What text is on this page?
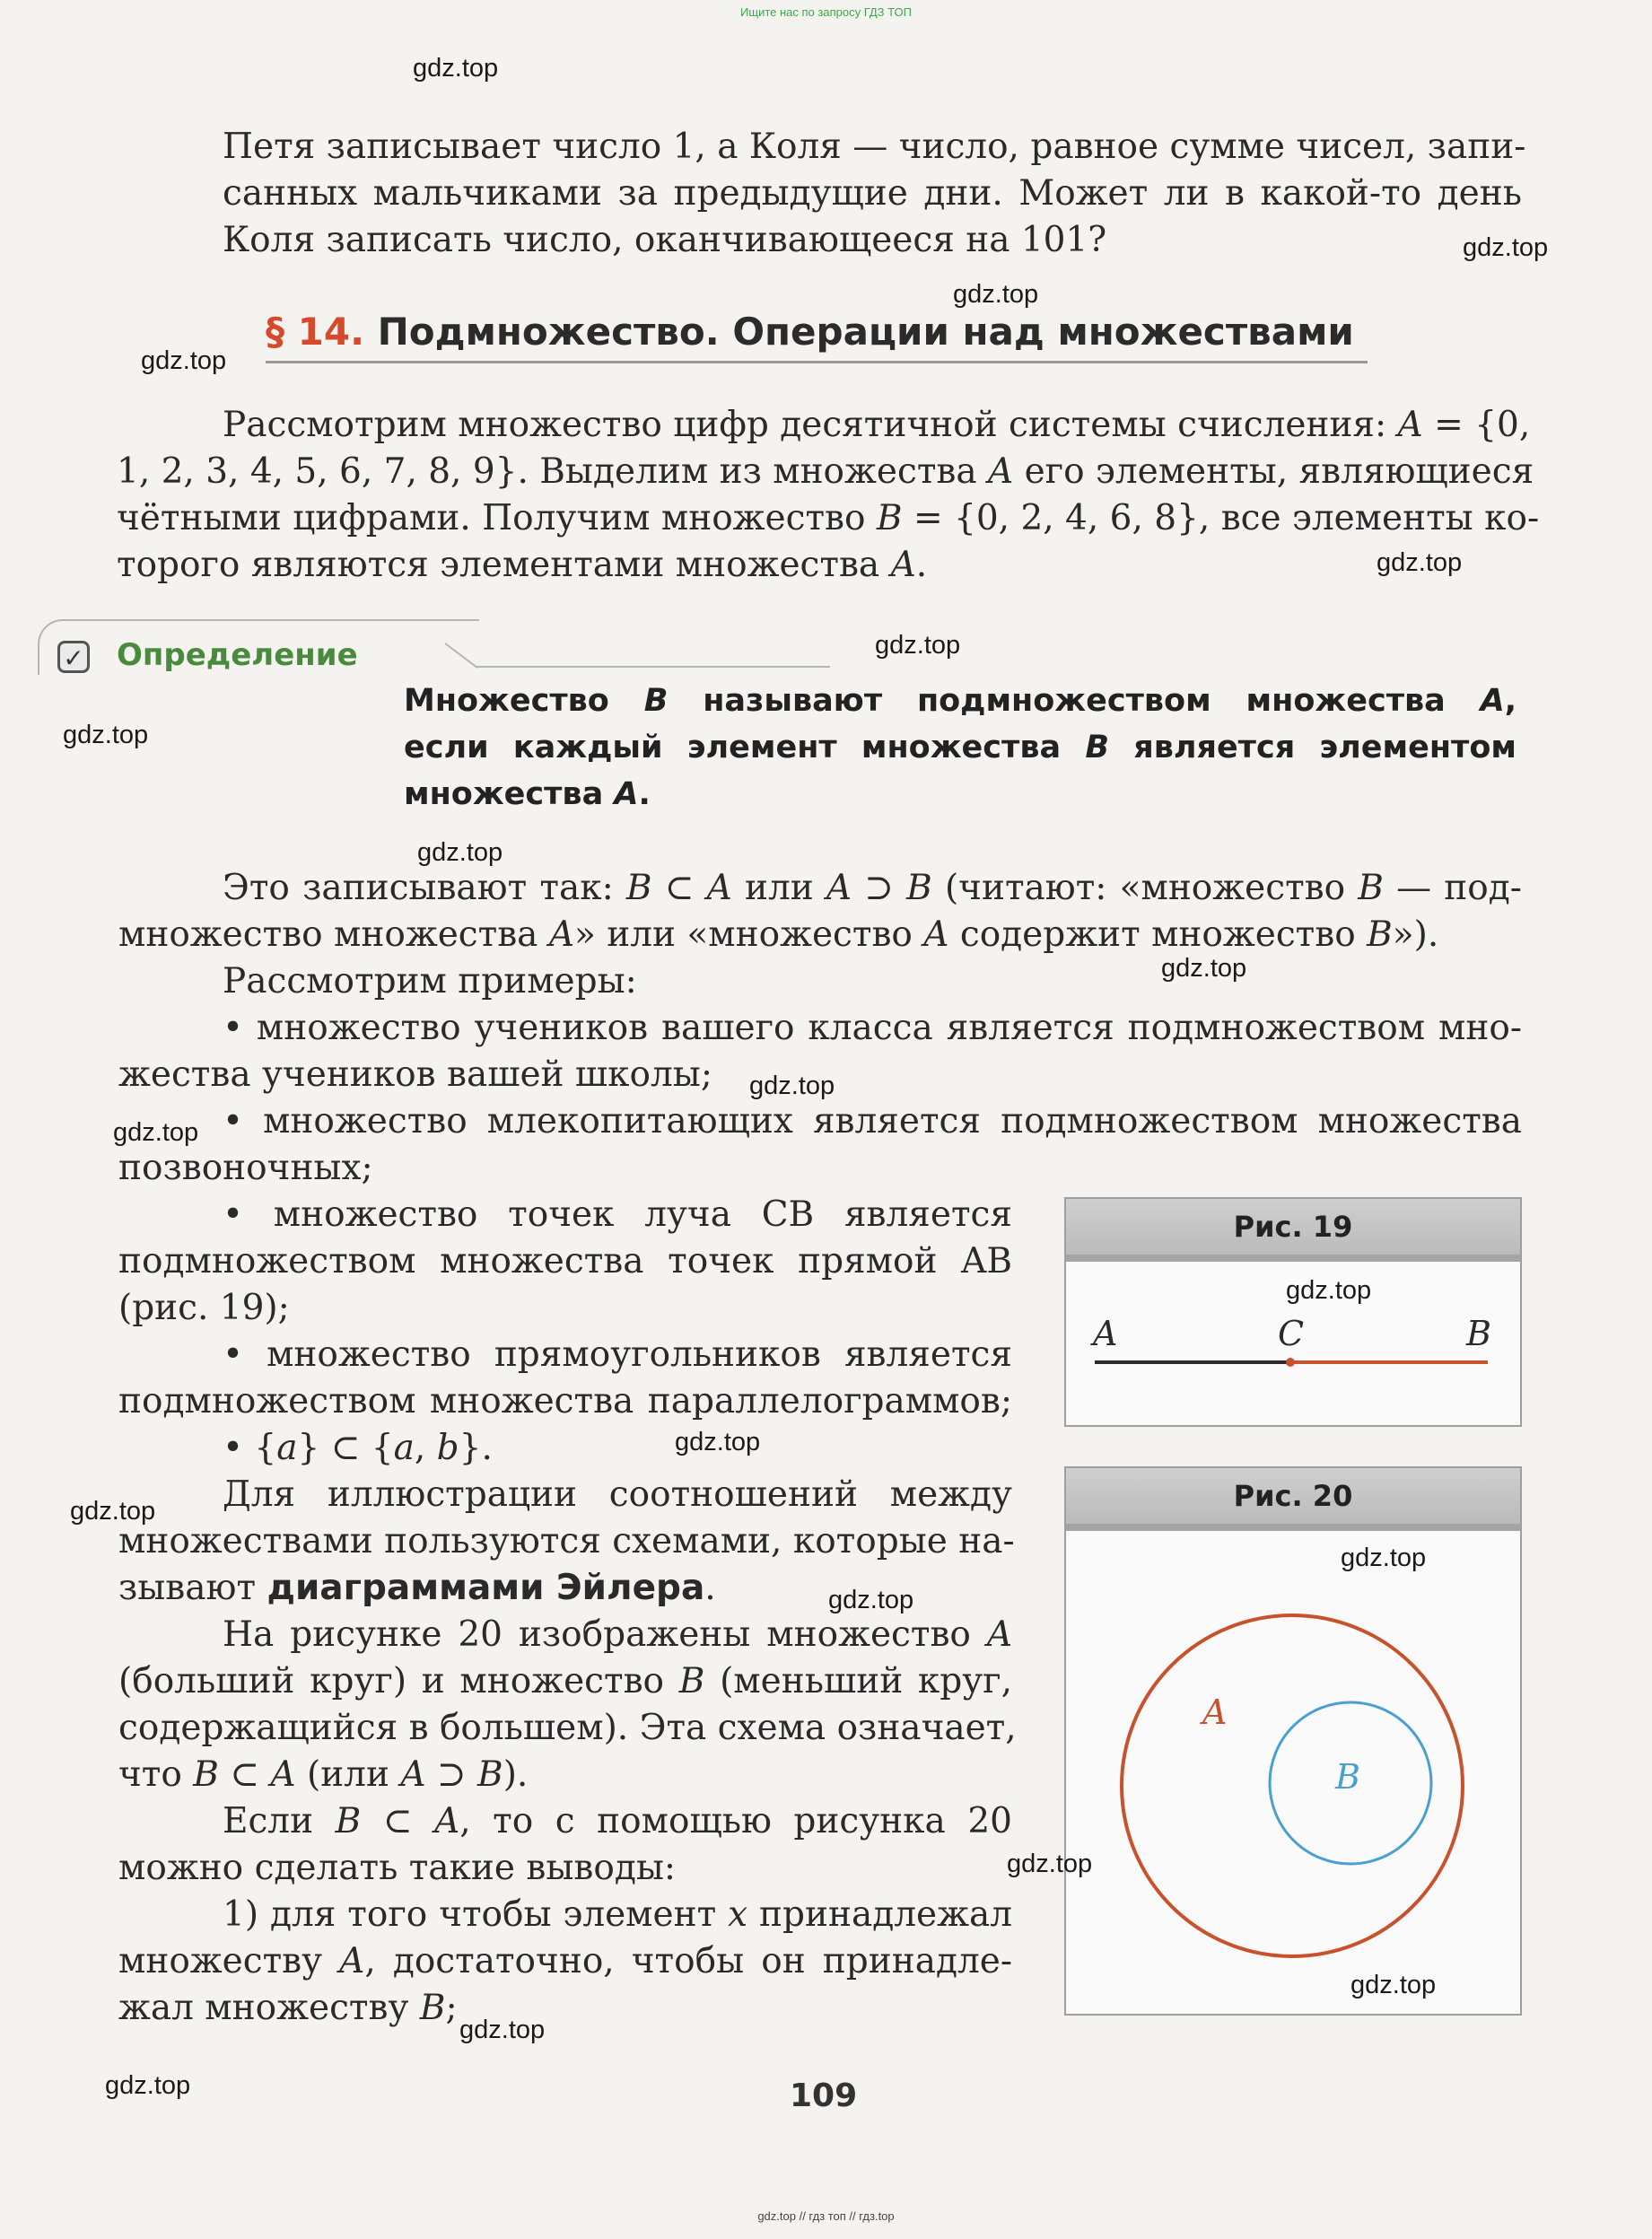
Ищите нас по запросу ГДЗ ТОП
Петя записывает число 1, а Коля — число, равное сумме чисел, запи-
санных мальчиками за предыдущие дни. Может ли в какой-то день
Коля записать число, оканчивающееся на 101?
§ 14. Подмножество. Операции над множествами
Рассмотрим множество цифр десятичной системы счисления: A = {0,
1, 2, 3, 4, 5, 6, 7, 8, 9}. Выделим из множества A его элементы, являющиеся
чётными цифрами. Получим множество B = {0, 2, 4, 6, 8}, все элементы ко-
торого являются элементами множества A.
✓ Определение
Множество B называют подмножеством множества A,
если каждый элемент множества B является элементом
множества A.
Это записывают так: B ⊂ A или A ⊃ B (читают: «множество B — под-
множество множества A» или «множество A содержит множество B»).
Рассмотрим примеры:
• множество учеников вашего класса является подмножеством мно-
жества учеников вашей школы;
• множество млекопитающих является подмножеством множества
позвоночных;
• множество точек луча CB является
подмножеством множества точек прямой AB
(рис. 19);
• множество прямоугольников является
подмножеством множества параллелограммов;
• {a} ⊂ {a, b}.
Для иллюстрации соотношений между
множествами пользуются схемами, которые на-
зывают диаграммами Эйлера.
На рисунке 20 изображены множество A
(больший круг) и множество B (меньший круг,
содержащийся в большем). Эта схема означает,
что B ⊂ A (или A ⊃ B).
Если B ⊂ A, то с помощью рисунка 20
можно сделать такие выводы:
1) для того чтобы элемент x принадлежал
множеству A, достаточно, чтобы он принадле-
жал множеству B;
Рис. 19
A	C	B
Рис. 20
A
B
109
gdz.top
gdz.top
gdz.top
gdz.top
gdz.top
gdz.top
gdz.top
gdz.top
gdz.top
gdz.top
gdz.top
gdz.top
gdz.top
gdz.top
gdz.top
gdz.top
gdz.top
gdz.top
gdz.top
gdz.top
gdz.top // гдз топ // гдз.top
